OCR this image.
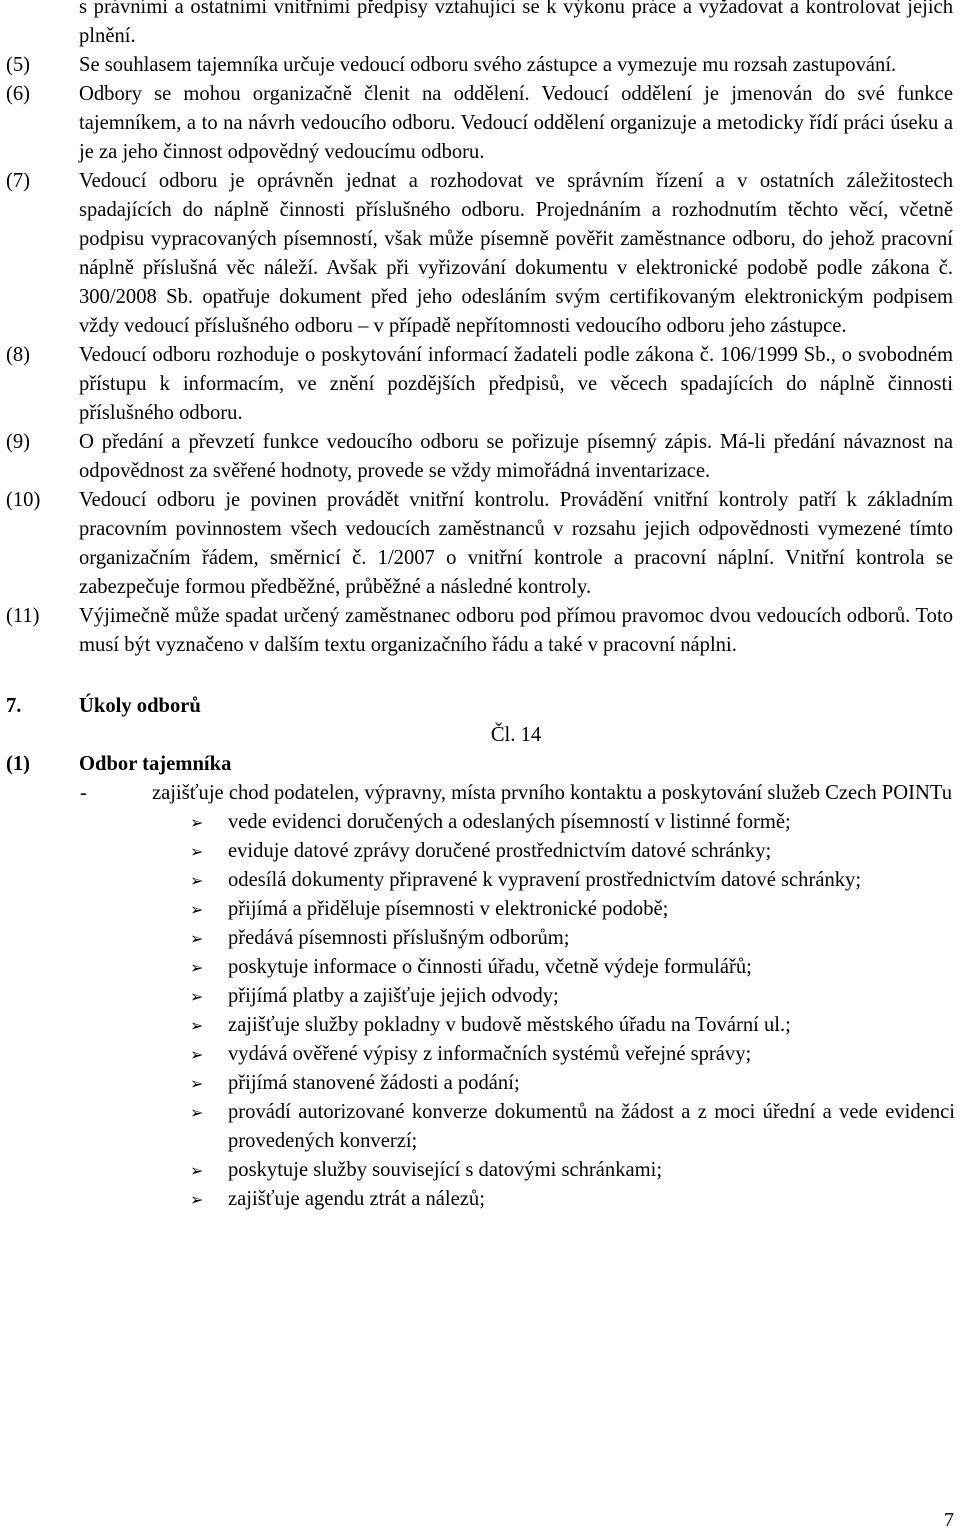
s právními a ostatními vnitřními předpisy vztahující se k výkonu práce a vyžadovat a kontrolovat jejich plnění.
(5)	Se souhlasem tajemníka určuje vedoucí odboru svého zástupce a vymezuje mu rozsah zastupování.
(6)	Odbory se mohou organizačně členit na oddělení. Vedoucí oddělení je jmenován do své funkce tajemníkem, a to na návrh vedoucího odboru. Vedoucí oddělení organizuje a metodicky řídí práci úseku a je za jeho činnost odpovědný vedoucímu odboru.
(7)	Vedoucí odboru je oprávněn jednat a rozhodovat ve správním řízení a v ostatních záležitostech spadajících do náplně činnosti příslušného odboru. Projednáním a rozhodnutím těchto věcí, včetně podpisu vypracovaných písemností, však může písemně pověřit zaměstnance odboru, do jehož pracovní náplně příslušná věc náleží. Avšak při vyřizování dokumentu v elektronické podobě podle zákona č. 300/2008 Sb. opatřuje dokument před jeho odesláním svým certifikovaným elektronickým podpisem vždy vedoucí příslušného odboru – v případě nepřítomnosti vedoucího odboru jeho zástupce.
(8)	Vedoucí odboru rozhoduje o poskytování informací žadateli podle zákona č. 106/1999 Sb., o svobodném přístupu k informacím, ve znění pozdějších předpisů, ve věcech spadajících do náplně činnosti příslušného odboru.
(9)	O předání a převzetí funkce vedoucího odboru se pořizuje písemný zápis. Má-li předání návaznost na odpovědnost za svěřené hodnoty, provede se vždy mimořádná inventarizace.
(10)	Vedoucí odboru je povinen provádět vnitřní kontrolu. Provádění vnitřní kontroly patří k základním pracovním povinnostem všech vedoucích zaměstnanců v rozsahu jejich odpovědnosti vymezené tímto organizačním řádem, směrnicí č. 1/2007 o vnitřní kontrole a pracovní náplní. Vnitřní kontrola se zabezpečuje formou předběžné, průběžné a následné kontroly.
(11)	Výjimečně může spadat určený zaměstnanec odboru pod přímou pravomoc dvou vedoucích odborů. Toto musí být vyznačeno v dalším textu organizačního řádu a také v pracovní náplni.
7.	Úkoly odborů
Čl. 14
(1)	Odbor tajemníka
-	zajišťuje chod podatelen, výpravny, místa prvního kontaktu a poskytování služeb Czech POINTu
➢	vede evidenci doručených a odeslaných písemností v listinné formě;
➢	eviduje datové zprávy doručené prostřednictvím datové schránky;
➢	odesílá dokumenty připravené k vypravení prostřednictvím datové schránky;
➢	přijímá a přiděluje písemnosti v elektronické podobě;
➢	předává písemnosti příslušným odborům;
➢	poskytuje informace o činnosti úřadu, včetně výdeje formulářů;
➢	přijímá platby a zajišťuje jejich odvody;
➢	zajišťuje služby pokladny v budově městského úřadu na Tovární ul.;
➢	vydává ověřené výpisy z informačních systémů veřejné správy;
➢	přijímá stanovené žádosti a podání;
➢	provádí autorizované konverze dokumentů na žádost a z moci úřední a vede evidenci provedených konverzí;
➢	poskytuje služby související s datovými schránkami;
➢	zajišťuje agendu ztrát a nálezů;
7
